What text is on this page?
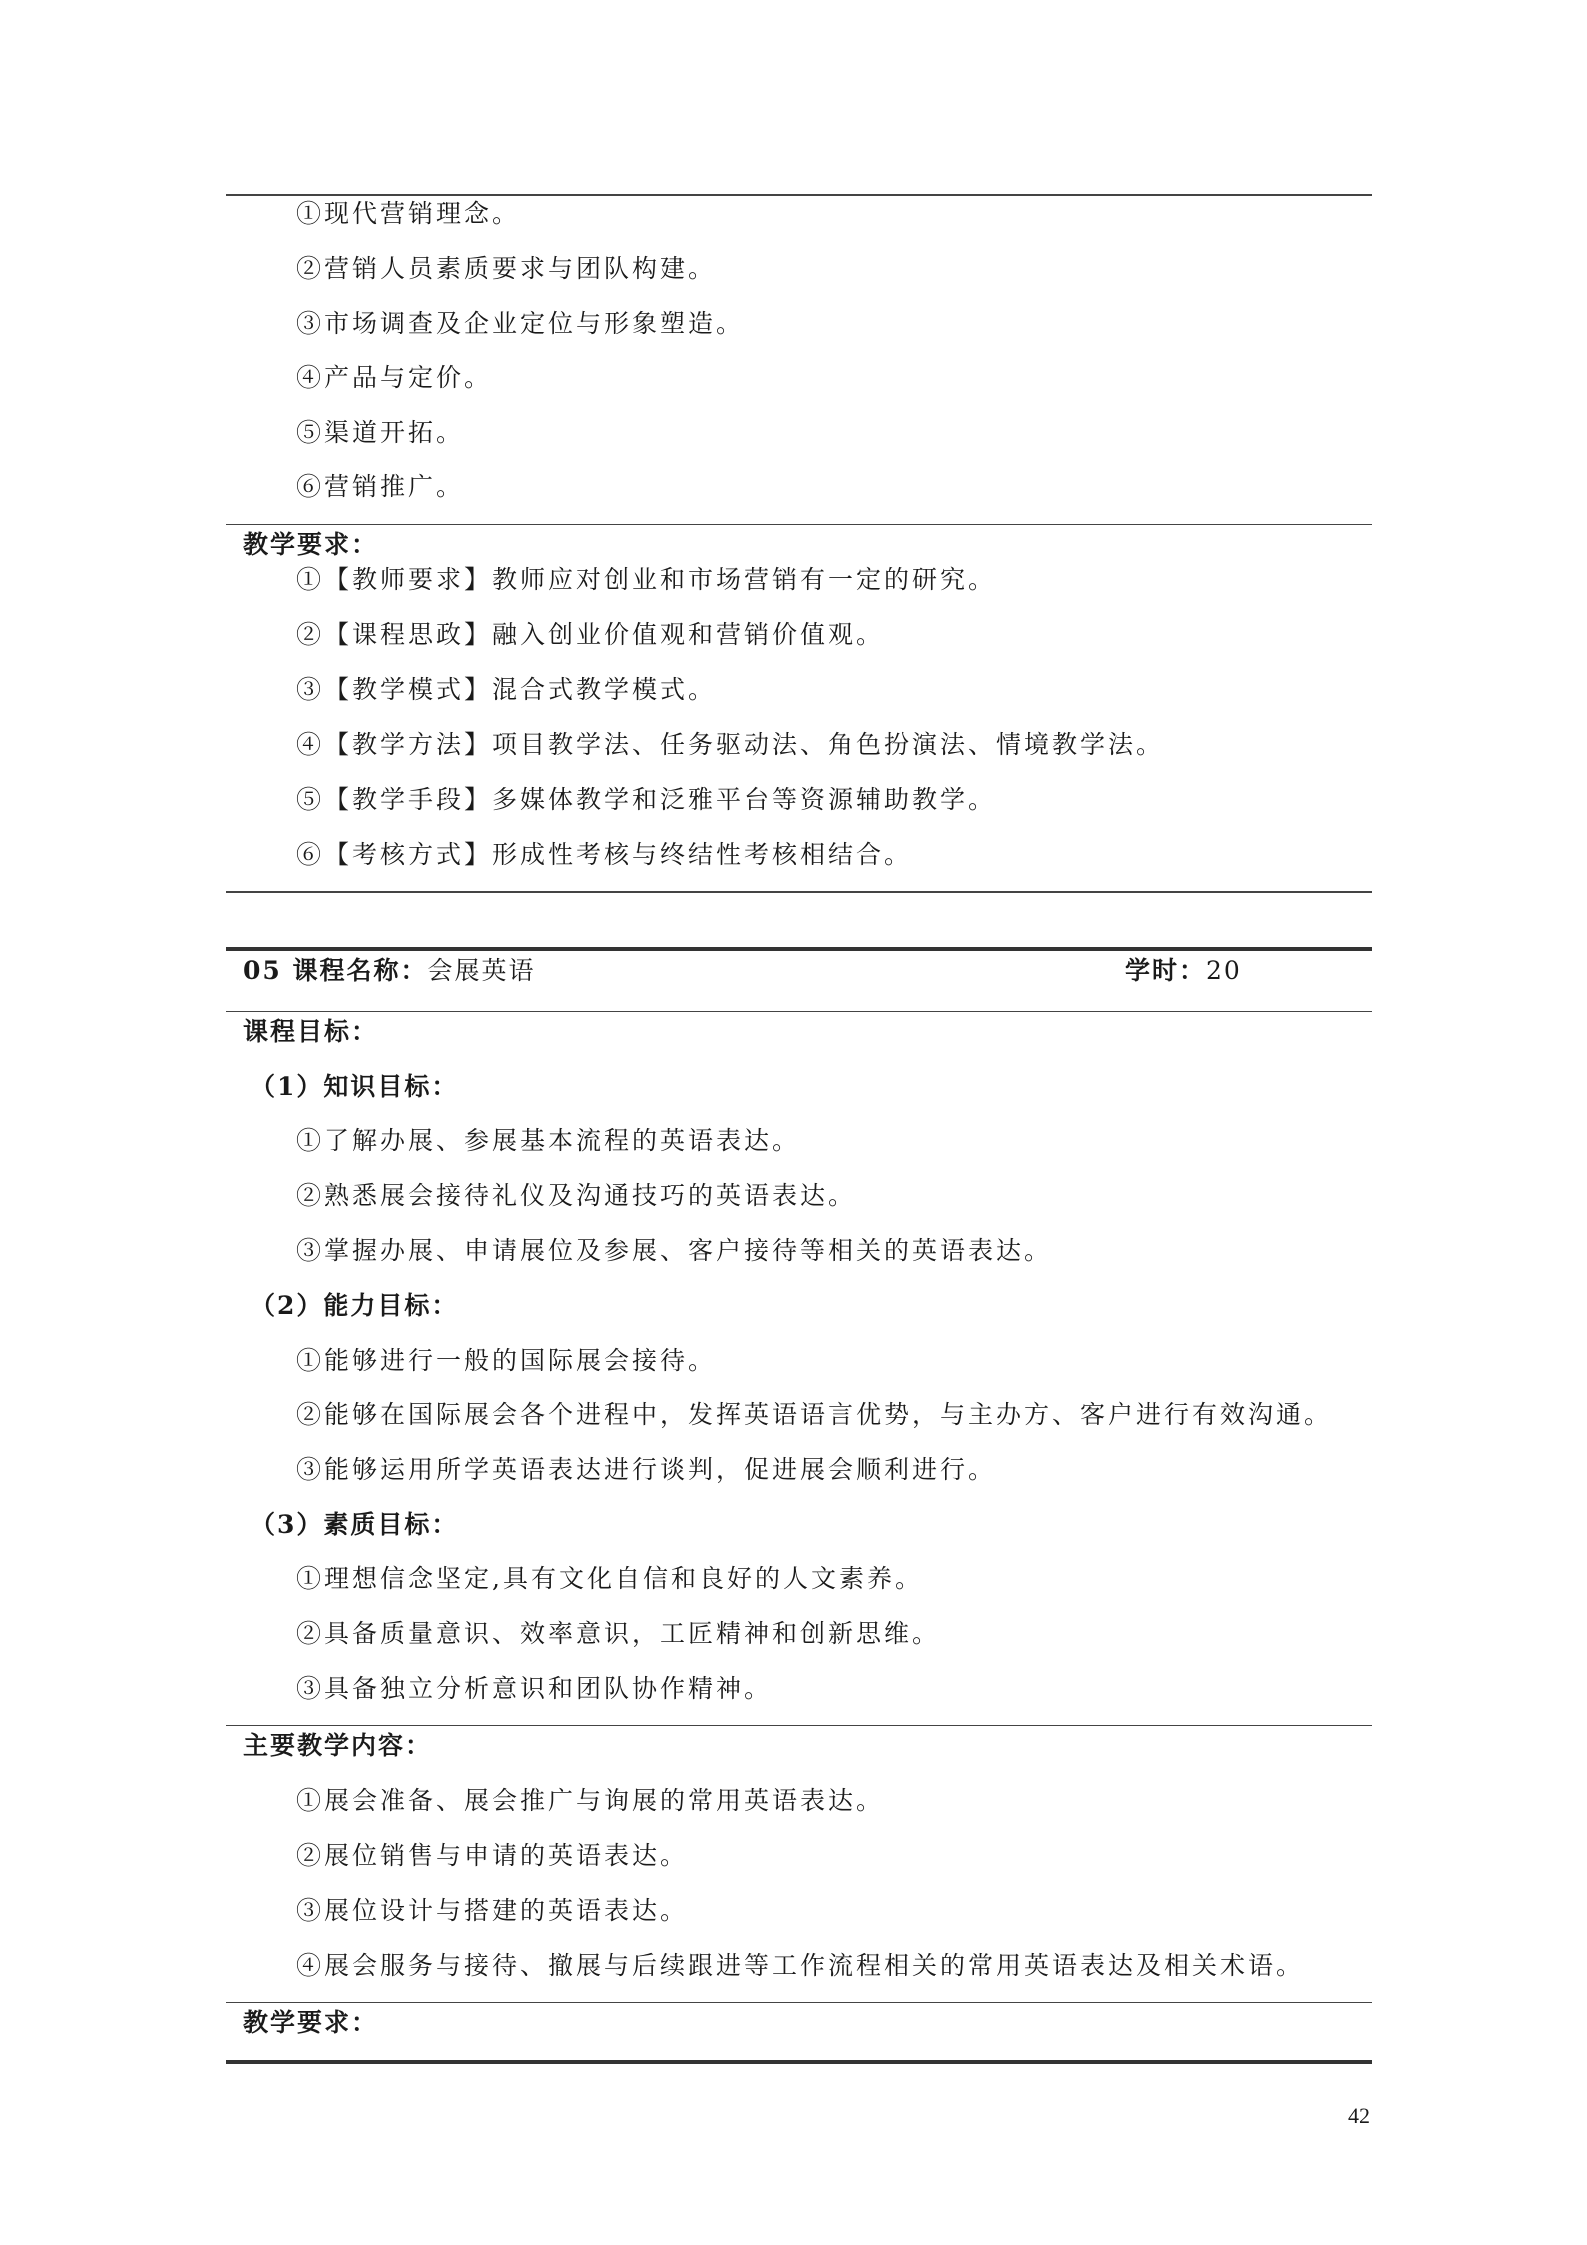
①现代营销理念。
②营销人员素质要求与团队构建。
③市场调查及企业定位与形象塑造。
④产品与定价。
⑤渠道开拓。
⑥营销推广。
教学要求：
①【教师要求】教师应对创业和市场营销有一定的研究。
②【课程思政】融入创业价值观和营销价值观。
③【教学模式】混合式教学模式。
④【教学方法】项目教学法、任务驱动法、角色扮演法、情境教学法。
⑤【教学手段】多媒体教学和泛雅平台等资源辅助教学。
⑥【考核方式】形成性考核与终结性考核相结合。
05 课程名称：会展英语	学时：20
课程目标：
（1）知识目标：
①了解办展、参展基本流程的英语表达。
②熟悉展会接待礼仪及沟通技巧的英语表达。
③掌握办展、申请展位及参展、客户接待等相关的英语表达。
（2）能力目标：
①能够进行一般的国际展会接待。
②能够在国际展会各个进程中，发挥英语语言优势，与主办方、客户进行有效沟通。
③能够运用所学英语表达进行谈判，促进展会顺利进行。
（3）素质目标：
①理想信念坚定,具有文化自信和良好的人文素养。
②具备质量意识、效率意识，工匠精神和创新思维。
③具备独立分析意识和团队协作精神。
主要教学内容：
①展会准备、展会推广与询展的常用英语表达。
②展位销售与申请的英语表达。
③展位设计与搭建的英语表达。
④展会服务与接待、撤展与后续跟进等工作流程相关的常用英语表达及相关术语。
教学要求：
42
